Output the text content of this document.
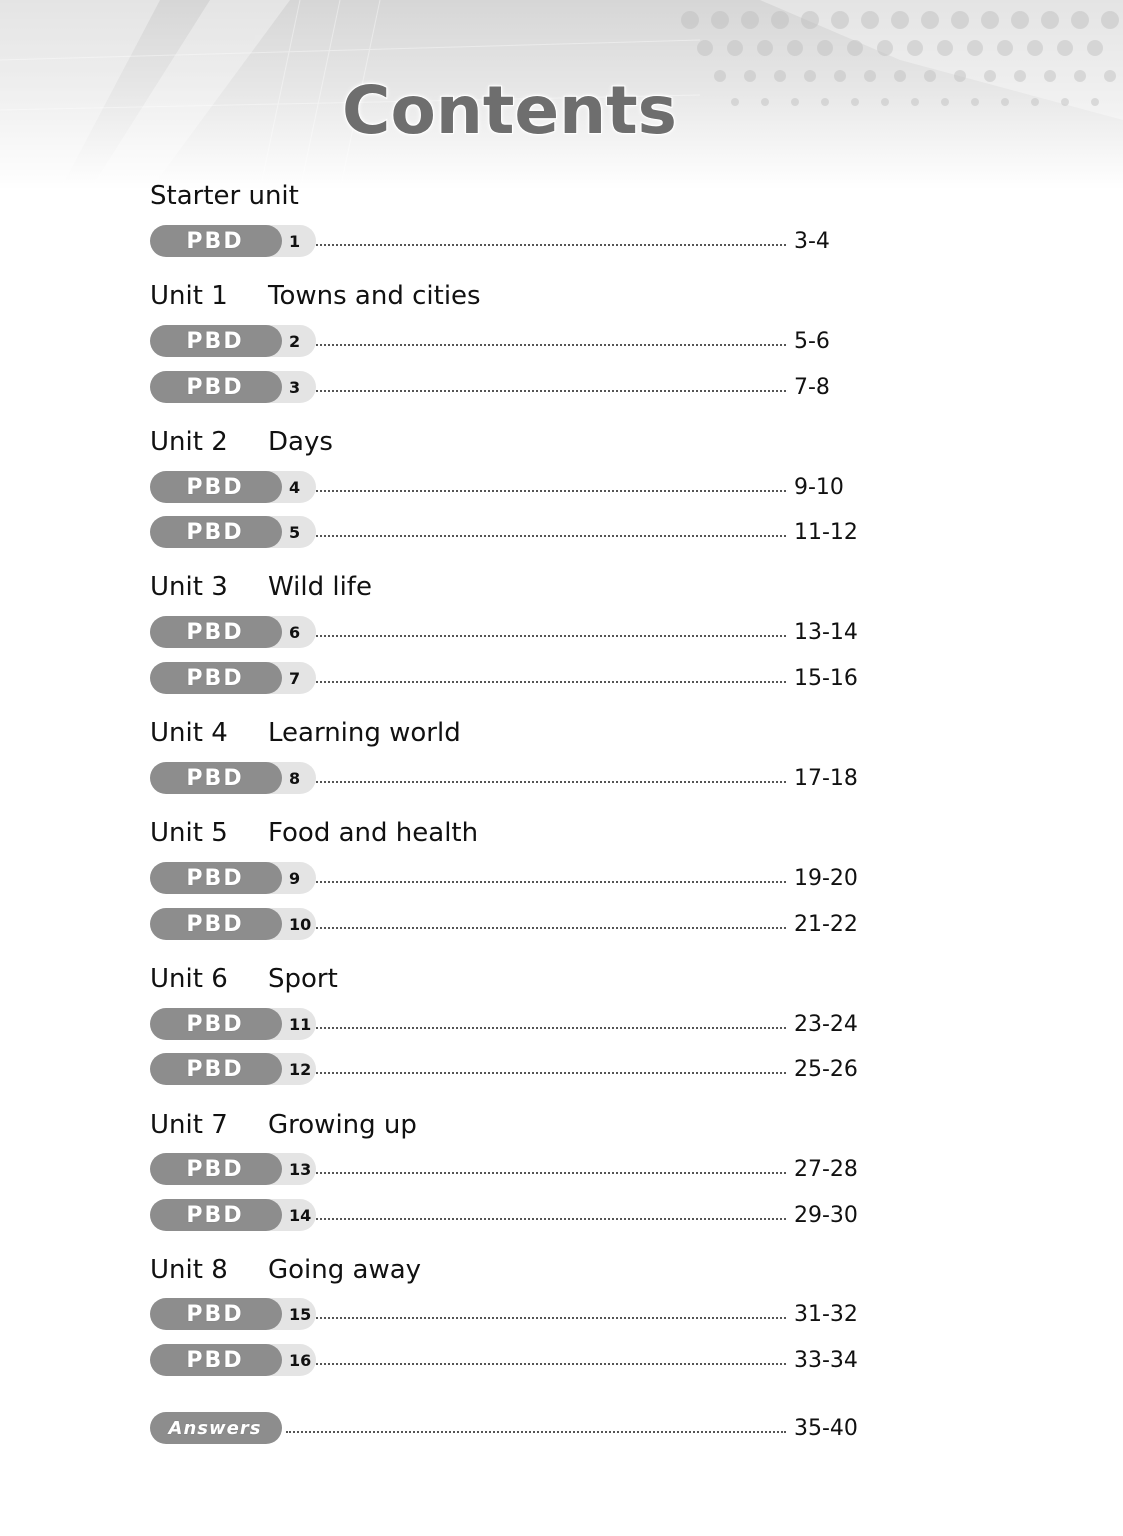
Contents
Starter unit
PBD	1	3-4
Unit 1	Towns and cities
PBD	2	5-6
PBD	3	7-8
Unit 2	Days
PBD	4	9-10
PBD	5	11-12
Unit 3	Wild life
PBD	6	13-14
PBD	7	15-16
Unit 4	Learning world
PBD	8	17-18
Unit 5	Food and health
PBD	9	19-20
PBD	10	21-22
Unit 6	Sport
PBD	11	23-24
PBD	12	25-26
Unit 7	Growing up
PBD	13	27-28
PBD	14	29-30
Unit 8	Going away
PBD	15	31-32
PBD	16	33-34
Answers	35-40
